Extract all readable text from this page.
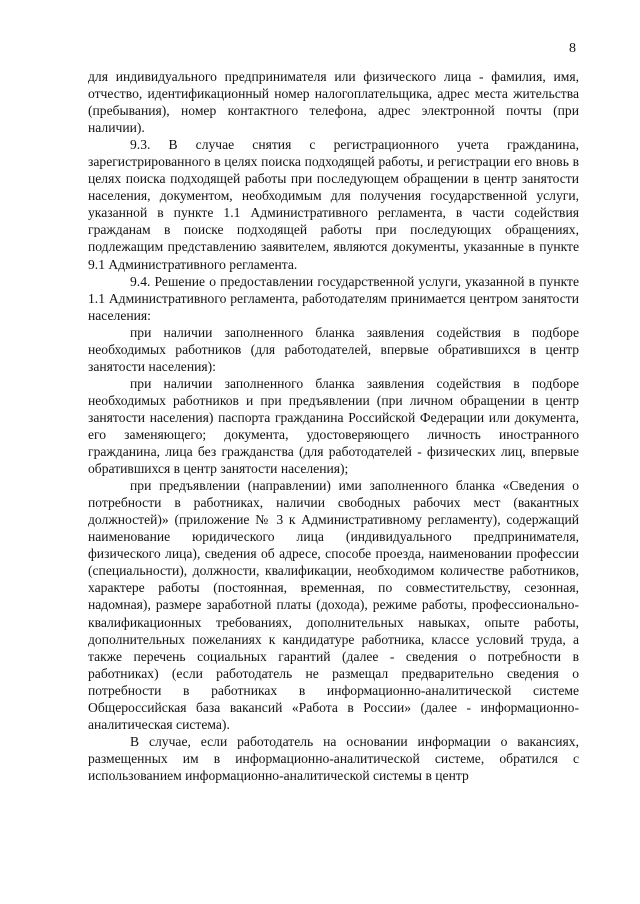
8

для индивидуального предпринимателя или физического лица - фамилия, имя, отчество, идентификационный номер налогоплательщика, адрес места жительства (пребывания), номер контактного телефона, адрес электронной почты (при наличии).

9.3. В случае снятия с регистрационного учета гражданина, зарегистрированного в целях поиска подходящей работы, и регистрации его вновь в целях поиска подходящей работы при последующем обращении в центр занятости населения, документом, необходимым для получения государственной услуги, указанной в пункте 1.1 Административного регламента, в части содействия гражданам в поиске подходящей работы при последующих обращениях, подлежащим представлению заявителем, являются документы, указанные в пункте 9.1 Административного регламента.

9.4. Решение о предоставлении государственной услуги, указанной в пункте 1.1 Административного регламента, работодателям принимается центром занятости населения:

при наличии заполненного бланка заявления содействия в подборе необходимых работников (для работодателей, впервые обратившихся в центр занятости населения):

при наличии заполненного бланка заявления содействия в подборе необходимых работников и при предъявлении (при личном обращении в центр занятости населения) паспорта гражданина Российской Федерации или документа, его заменяющего; документа, удостоверяющего личность иностранного гражданина, лица без гражданства (для работодателей - физических лиц, впервые обратившихся в центр занятости населения);

при предъявлении (направлении) ими заполненного бланка «Сведения о потребности в работниках, наличии свободных рабочих мест (вакантных должностей)» (приложение № 3 к Административному регламенту), содержащий наименование юридического лица (индивидуального предпринимателя, физического лица), сведения об адресе, способе проезда, наименовании профессии (специальности), должности, квалификации, необходимом количестве работников, характере работы (постоянная, временная, по совместительству, сезонная, надомная), размере заработной платы (дохода), режиме работы, профессионально-квалификационных требованиях, дополнительных навыках, опыте работы, дополнительных пожеланиях к кандидатуре работника, классе условий труда, а также перечень социальных гарантий (далее - сведения о потребности в работниках) (если работодатель не размещал предварительно сведения о потребности в работниках в информационно-аналитической системе Общероссийская база вакансий «Работа в России» (далее - информационно-аналитическая система).

В случае, если работодатель на основании информации о вакансиях, размещенных им в информационно-аналитической системе, обратился с использованием информационно-аналитической системы в центр
